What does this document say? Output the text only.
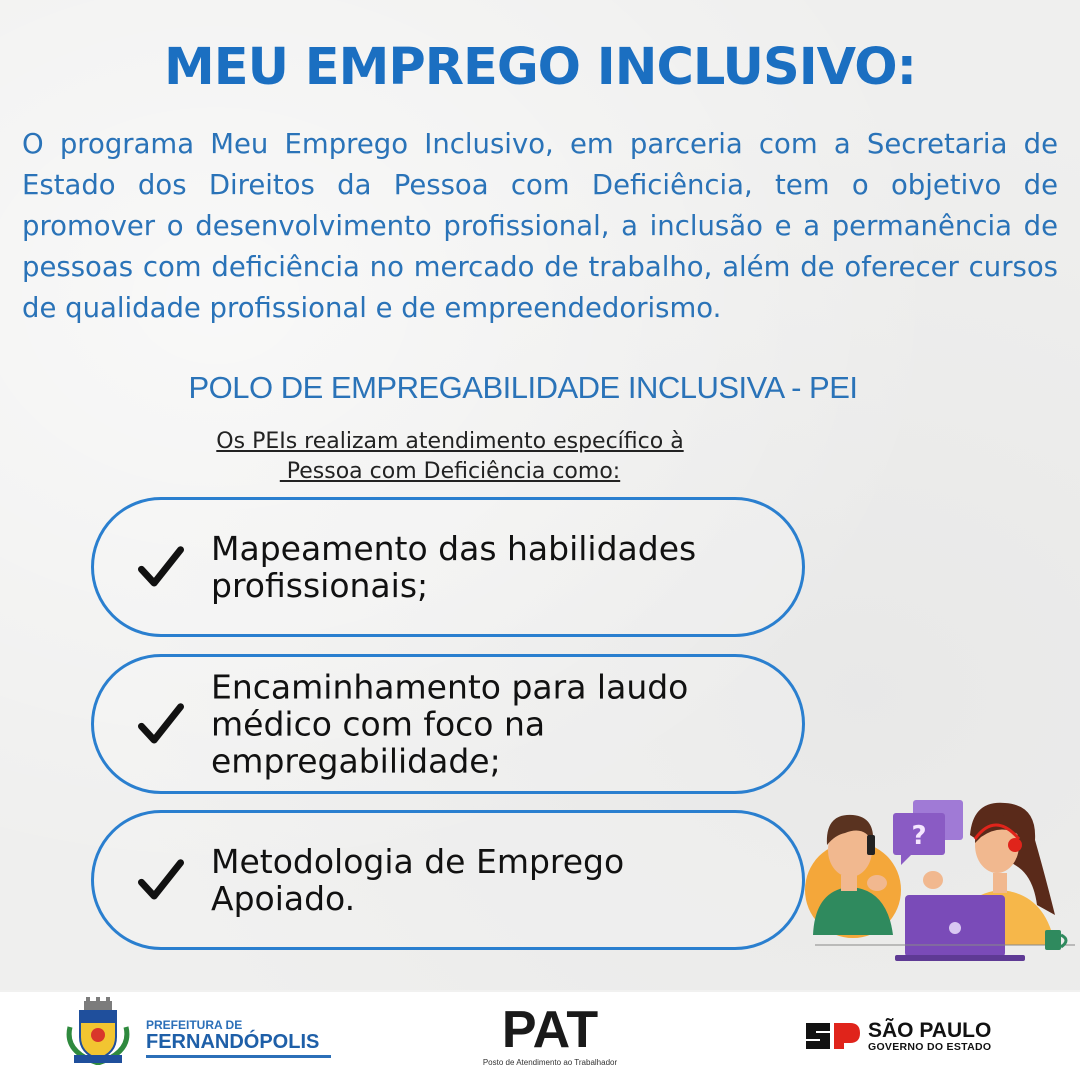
MEU EMPREGO INCLUSIVO:

O programa Meu Emprego Inclusivo, em parceria com a Secretaria de Estado dos Direitos da Pessoa com Deficiência, tem o objetivo de promover o desenvolvimento profissional, a inclusão e a permanência de pessoas com deficiência no mercado de trabalho, além de oferecer cursos de qualidade profissional e de empreendedorismo.

POLO DE EMPREGABILIDADE INCLUSIVA - PEI
Os PEIs realizam atendimento específico à
Pessoa com Deficiência como:
Mapeamento das habilidades profissionais;
Encaminhamento para laudo médico com foco na empregabilidade;
Metodologia de Emprego Apoiado.
?
PREFEITURA DE
FERNANDÓPOLIS	PAT
Posto de Atendimento ao Trabalhador
SÃO PAULO
GOVERNO DO ESTADO
